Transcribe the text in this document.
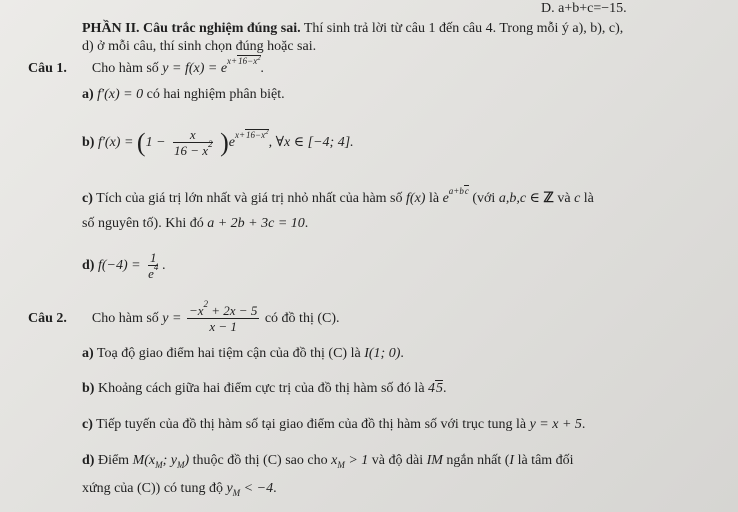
D. a+b+c=−15.
PHẦN II. Câu trắc nghiệm đúng sai. Thí sinh trả lời từ câu 1 đến câu 4. Trong mỗi ý a), b), c),
d) ở mỗi câu, thí sinh chọn đúng hoặc sai.
Câu 1. Cho hàm số $y = f(x) = e^{x+16-x^2}$.
a) f′(x) = 0 có hai nghiệm phân biệt.
b) $f'(x) = (1 - \frac{x}{16 - x^2} )e^{x+16-x^2}$, ∀x ∈ [−4; 4].
c) Tích của giá trị lớn nhất và giá trị nhỏ nhất của hàm số f(x) là $e^{a+bc}$ (với a,b,c ∈ ℤ và c là
số nguyên tố). Khi đó a + 2b + 3c = 10.
d) $f(-4) = \frac{1}{e^4}$ .
Câu 2. Cho hàm số $y = \frac{-x^2 + 2x - 5}{x - 1}$ có đồ thị (C).
a) Toạ độ giao điểm hai tiệm cận của đồ thị (C) là I(1; 0).
b) Khoảng cách giữa hai điểm cực trị của đồ thị hàm số đó là 45.
c) Tiếp tuyến của đồ thị hàm số tại giao điểm của đồ thị hàm số với trục tung là y = x + 5.
d) Điểm $M(x_M$; $y_M$) thuộc đồ thị (C) sao cho $x_M > 1$ và độ dài IM ngắn nhất (I là tâm đối
xứng của (C)) có tung độ $y_M < -4$.
